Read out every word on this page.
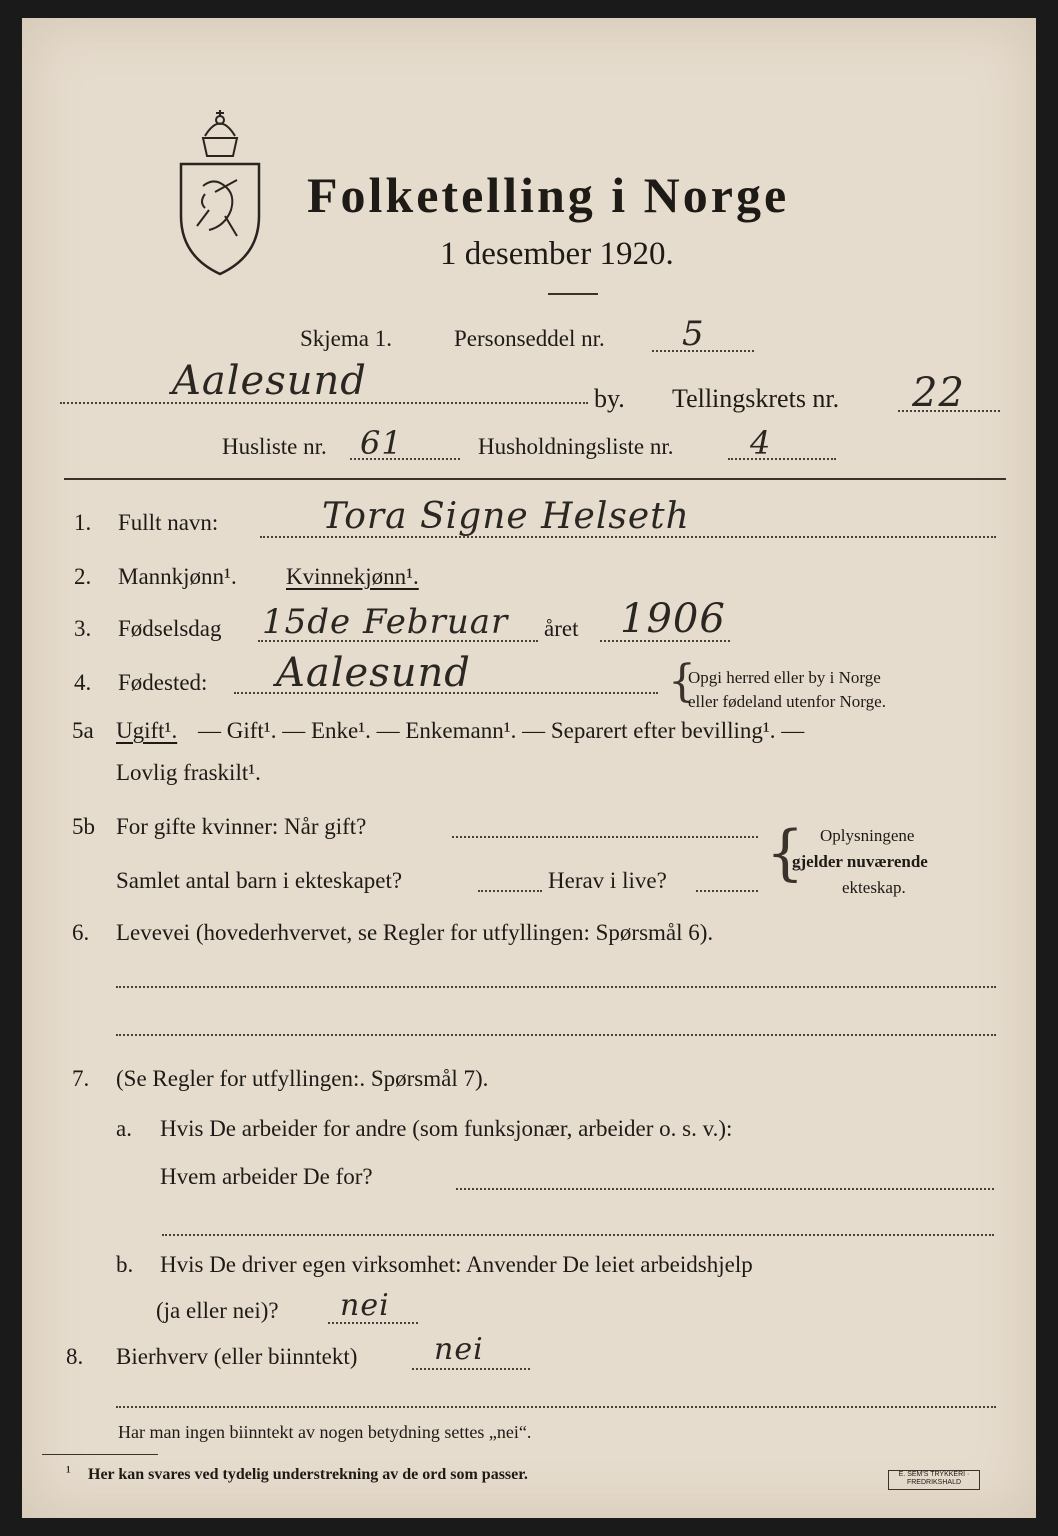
Folketelling i Norge
1 desember 1920.
Skjema 1.	Personseddel nr. 5
Aalesund	by. Tellingskrets nr. 22
Husliste nr. 61	Husholdningsliste nr. 4
1. Fullt navn:	Tora Signe Helseth
2. Mannkjønn¹. Kvinnekjønn¹.
3. Fødselsdag 15de Februar året 1906
4. Fødested: Aalesund	{
Opgi herred eller by i Norge
eller fødeland utenfor Norge.
5a Ugift¹. — Gift¹. — Enke¹. — Enkemann¹. — Separert efter bevilling¹. —
Lovlig fraskilt¹.
5b For gifte kvinner: Når gift?
Samlet antal barn i ekteskapet?	Herav i live? { Oplysningene
gjelder nuværende
ekteskap.
6. Levevei (hovederhvervet, se Regler for utfyllingen: Spørsmål 6).
7. (Se Regler for utfyllingen:. Spørsmål 7).
a. Hvis De arbeider for andre (som funksjonær, arbeider o. s. v.):
Hvem arbeider De for?
b. Hvis De driver egen virksomhet: Anvender De leiet arbeidshjelp
(ja eller nei)? nei
8. Bierhverv (eller biinntekt)	nei
Har man ingen biinntekt av nogen betydning settes „nei“.
¹ Her kan svares ved tydelig understrekning av de ord som passer.	E. SEM'S TRYKKERI · FREDRIKSHALD
